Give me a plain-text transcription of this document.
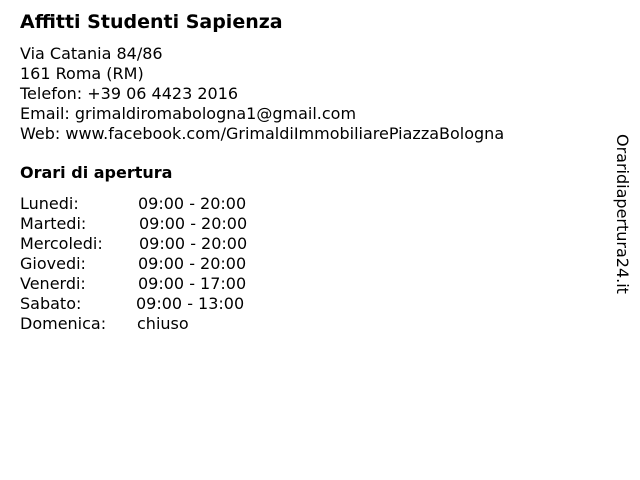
Affitti Studenti Sapienza
Via Catania 84/86
161 Roma (RM)
Telefon: +39 06 4423 2016
Email: grimaldiromabologna1@gmail.com
Web: www.facebook.com/GrimaldiImmobiliarePiazzaBologna
Orari di apertura
Lunedi:	09:00 - 20:00
Martedi:	09:00 - 20:00
Mercoledi: 09:00 - 20:00
Giovedi:	09:00 - 20:00
Venerdi:	09:00 - 17:00
Sabato:	09:00 - 13:00
Domenica: chiuso
Oraridiapertura24.it
